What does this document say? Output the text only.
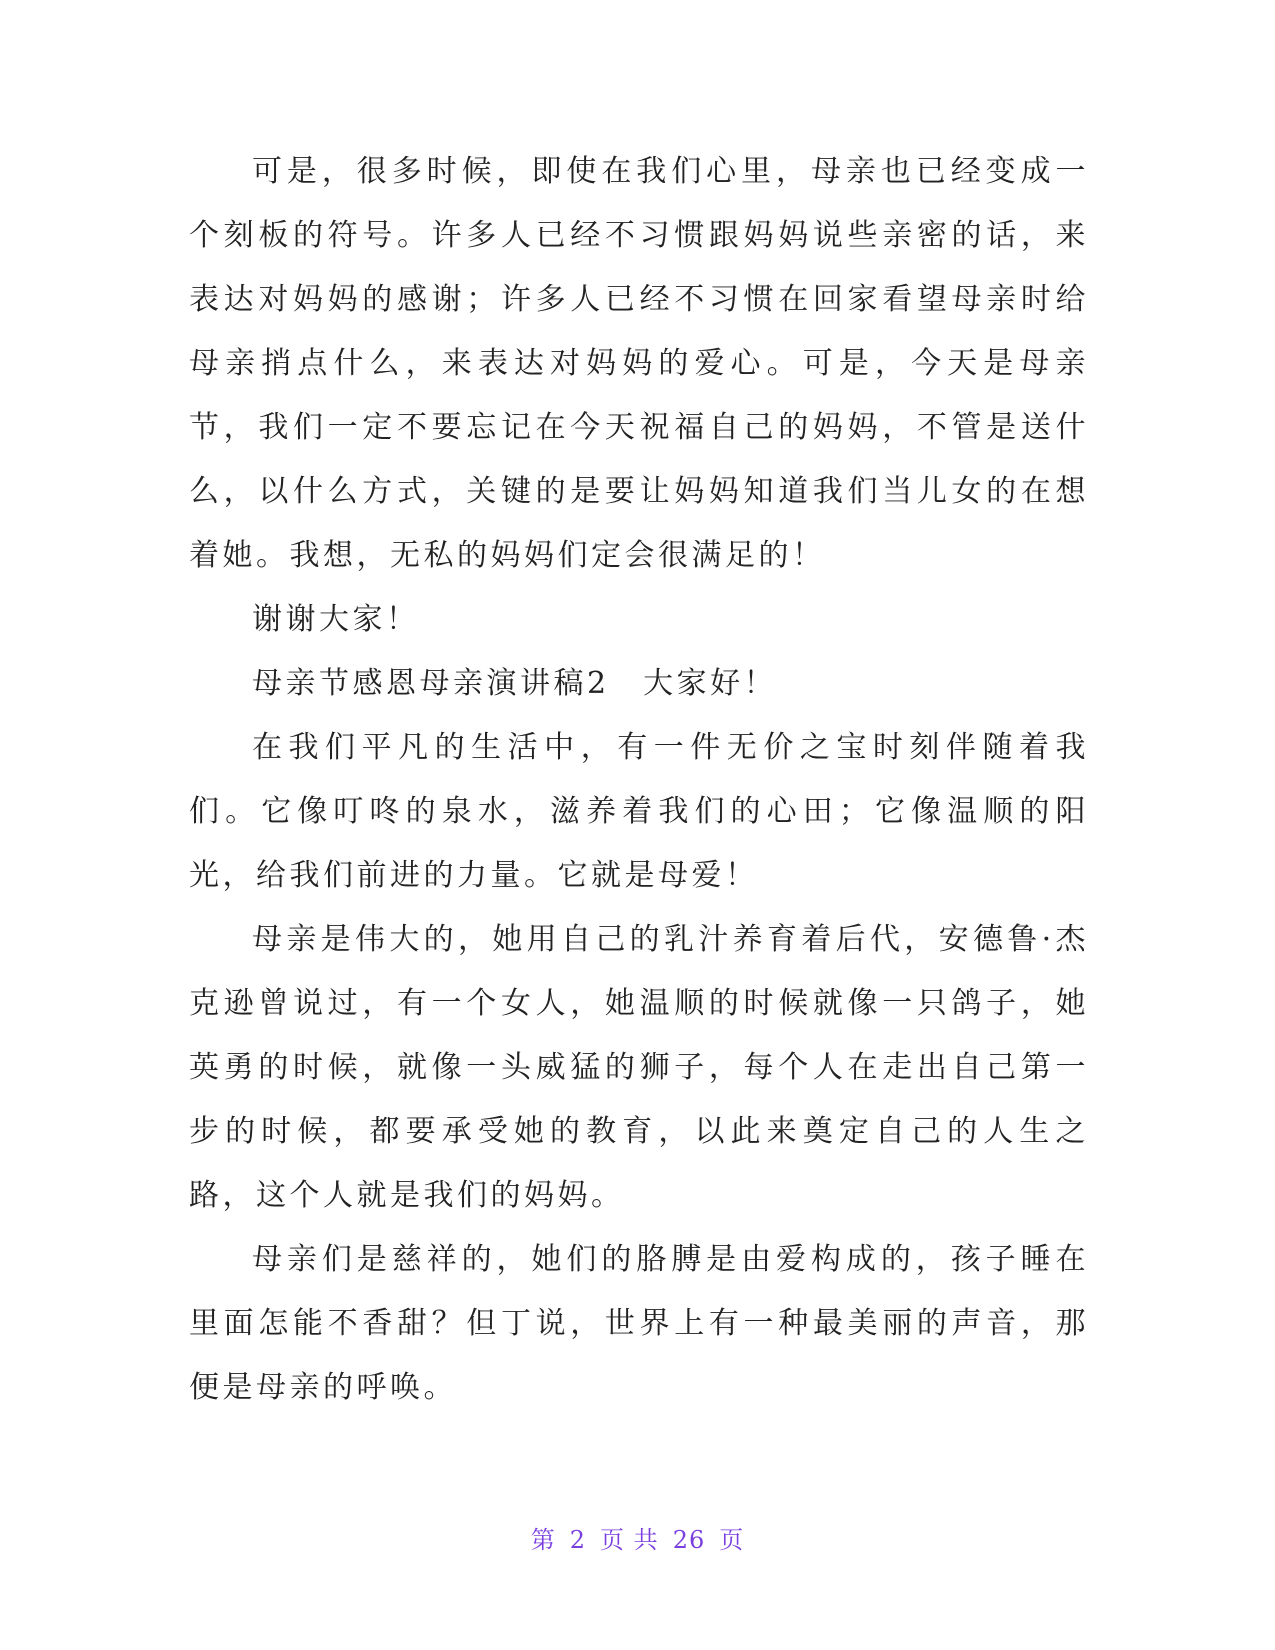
可是，很多时候，即使在我们心里，母亲也已经变成一个刻板的符号。许多人已经不习惯跟妈妈说些亲密的话，来表达对妈妈的感谢；许多人已经不习惯在回家看望母亲时给母亲捎点什么，来表达对妈妈的爱心。可是，今天是母亲节，我们一定不要忘记在今天祝福自己的妈妈，不管是送什么，以什么方式，关键的是要让妈妈知道我们当儿女的在想着她。我想，无私的妈妈们定会很满足的！

谢谢大家！

母亲节感恩母亲演讲稿2　大家好！

在我们平凡的生活中，有一件无价之宝时刻伴随着我们。它像叮咚的泉水，滋养着我们的心田；它像温顺的阳光，给我们前进的力量。它就是母爱！

母亲是伟大的，她用自己的乳汁养育着后代，安德鲁·杰克逊曾说过，有一个女人，她温顺的时候就像一只鸽子，她英勇的时候，就像一头威猛的狮子，每个人在走出自己第一步的时候，都要承受她的教育，以此来奠定自己的人生之路，这个人就是我们的妈妈。

母亲们是慈祥的，她们的胳膊是由爱构成的，孩子睡在里面怎能不香甜？但丁说，世界上有一种最美丽的声音，那便是母亲的呼唤。

第 2 页 共 26 页
